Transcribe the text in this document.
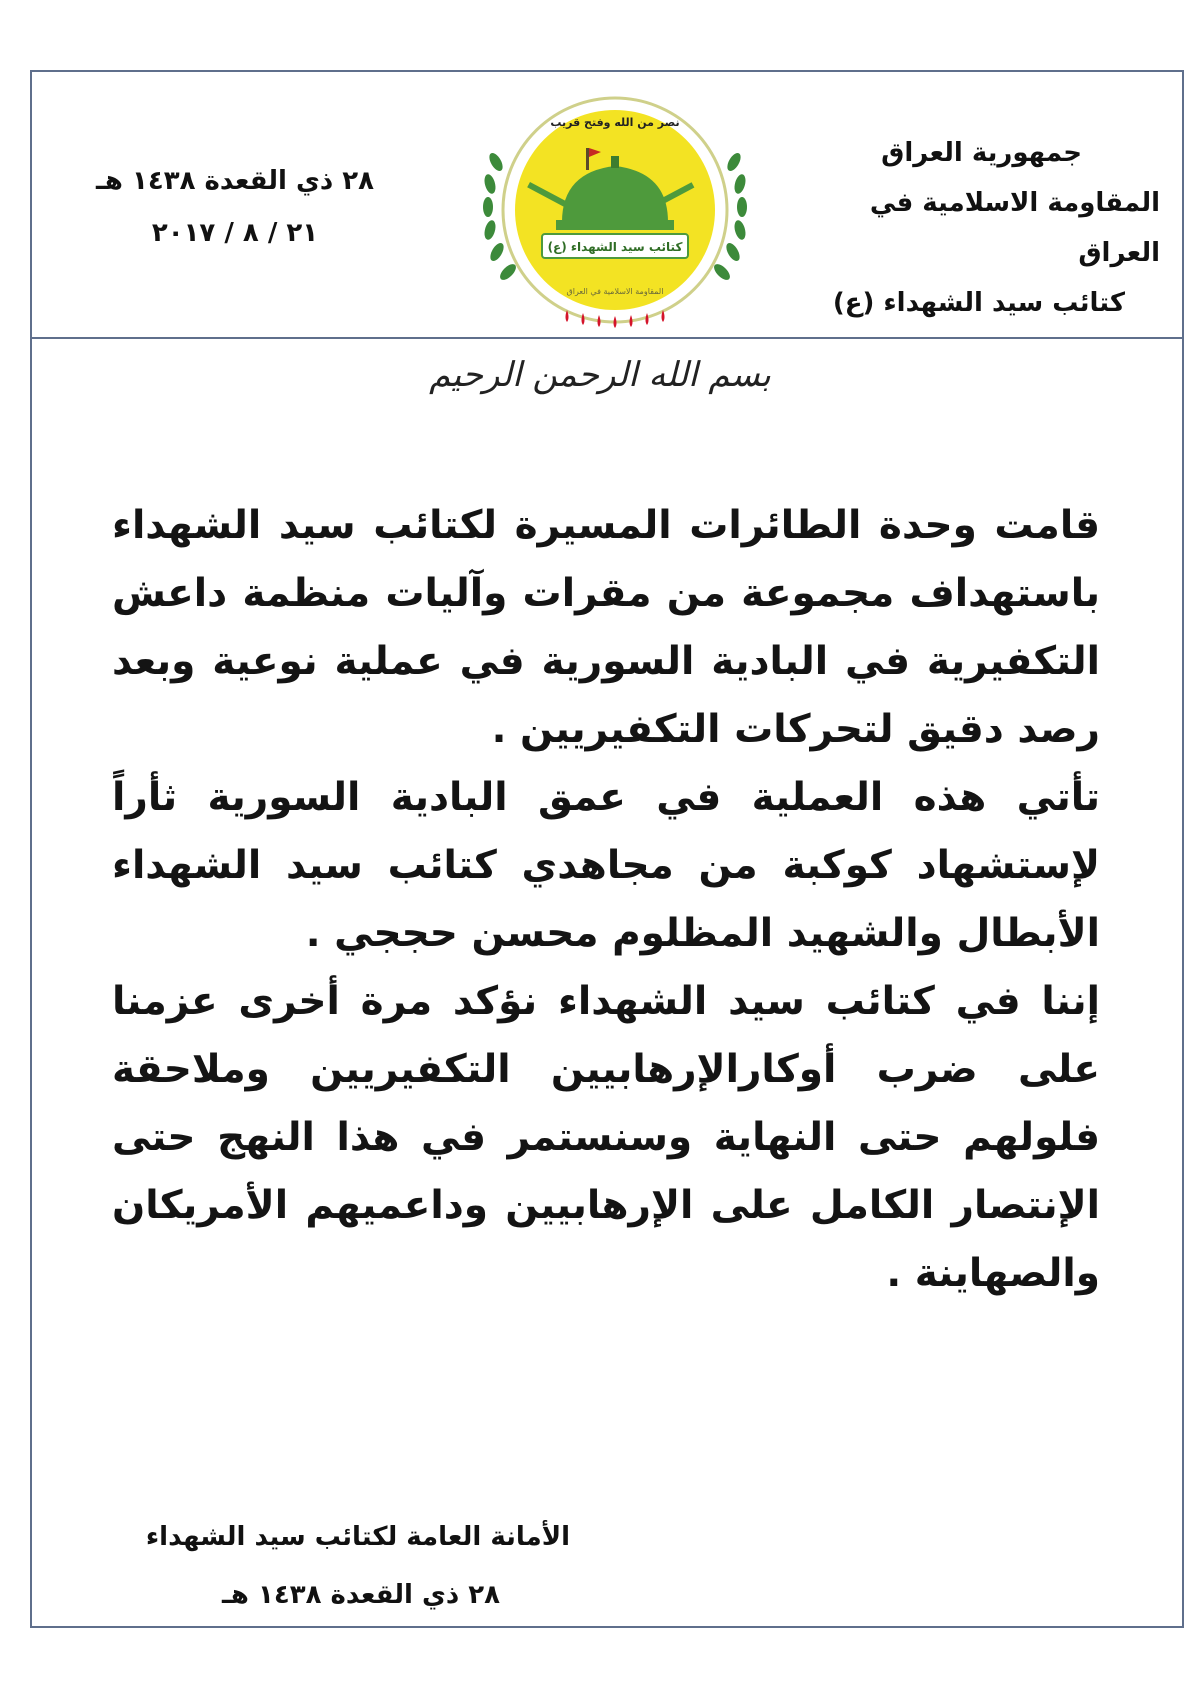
جمهورية العراق
المقاومة الاسلامية في العراق
كتائب سيد الشهداء (ع)
٢٨ ذي القعدة ١٤٣٨ هـ
٢١ / ٨ / ٢٠١٧
نصر من الله وفتح قريب
كتائب سيد الشهداء (ع)
المقاومة الاسلامية في العراق
بسم الله الرحمن الرحيم

قامت وحدة الطائرات المسيرة لكتائب سيد الشهداء باستهداف مجموعة من مقرات وآليات منظمة داعش التكفيرية في البادية السورية في عملية نوعية وبعد رصد دقيق لتحركات التكفيريين .

تأتي هذه العملية في عمق البادية السورية ثأراً لإستشهاد كوكبة من مجاهدي كتائب سيد الشهداء الأبطال والشهيد المظلوم محسن حججي .

إننا في كتائب سيد الشهداء نؤكد مرة أخرى عزمنا على ضرب أوكارالإرهابيين التكفيريين وملاحقة فلولهم حتى النهاية وسنستمر في هذا النهج حتى الإنتصار الكامل على الإرهابيين وداعميهم الأمريكان والصهاينة .

الأمانة العامة لكتائب سيد الشهداء
٢٨ ذي القعدة ١٤٣٨ هـ
